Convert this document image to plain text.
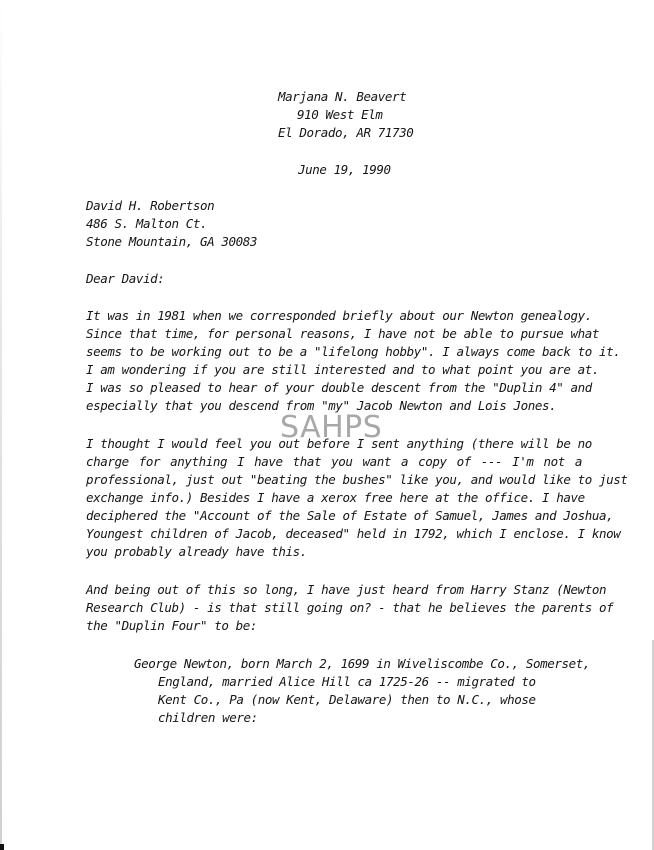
Marjana N. Beavert
910 West Elm
El Dorado, AR 71730
June 19, 1990
David H. Robertson
486 S. Malton Ct.
Stone Mountain, GA 30083
Dear David:
It was in 1981 when we corresponded briefly about our Newton genealogy.
Since that time, for personal reasons, I have not be able to pursue what
seems to be working out to be a "lifelong hobby". I always come back to it.
I am wondering if you are still interested and to what point you are at.
I was so pleased to hear of your double descent from the "Duplin 4" and
especially that you descend from "my" Jacob Newton and Lois Jones.
I thought I would feel you out before I sent anything (there will be no
charge for anything I have that you want a copy of --- I'm not a
professional, just out "beating the bushes" like you, and would like to just
exchange info.) Besides I have a xerox free here at the office. I have
deciphered the "Account of the Sale of Estate of Samuel, James and Joshua,
Youngest children of Jacob, deceased" held in 1792, which I enclose. I know
you probably already have this.
And being out of this so long, I have just heard from Harry Stanz (Newton
Research Club) - is that still going on? - that he believes the parents of
the "Duplin Four" to be:
George Newton, born March 2, 1699 in Wiveliscombe Co., Somerset,
England, married Alice Hill ca 1725-26 -- migrated to
Kent Co., Pa (now Kent, Delaware) then to N.C., whose
children were:
SAHPS
